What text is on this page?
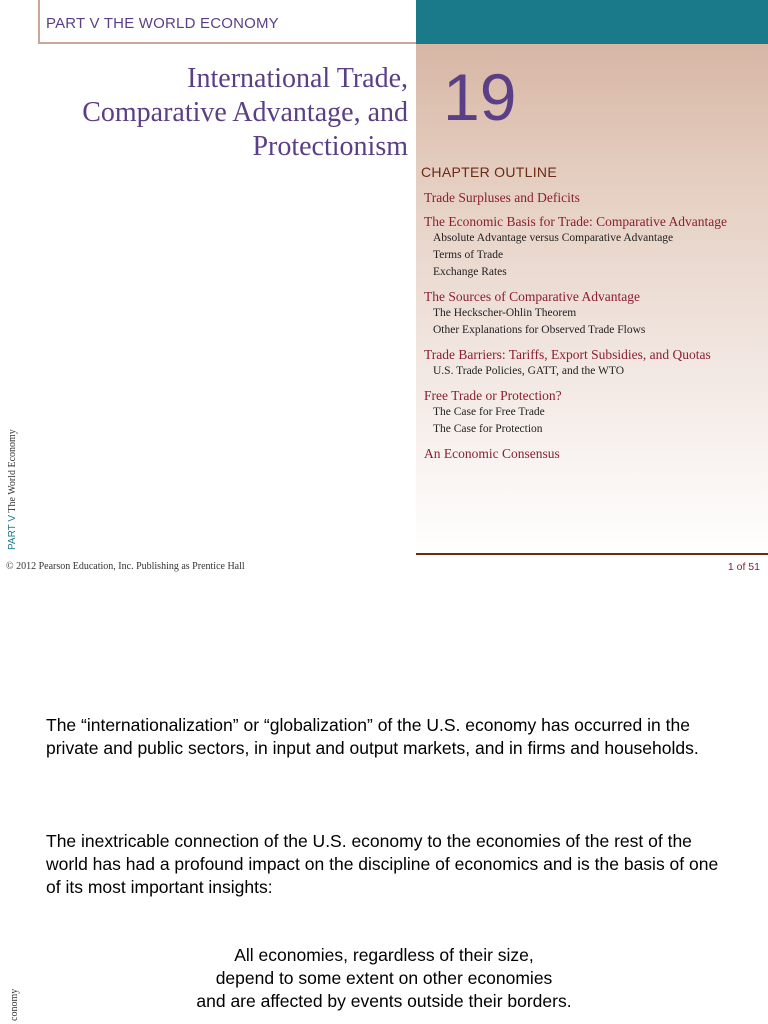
PART V THE WORLD ECONOMY
19
International Trade,
Comparative Advantage, and
Protectionism
CHAPTER OUTLINE
Trade Surpluses and Deficits
The Economic Basis for Trade: Comparative Advantage
Absolute Advantage versus Comparative Advantage
Terms of Trade
Exchange Rates
The Sources of Comparative Advantage
The Heckscher-Ohlin Theorem
Other Explanations for Observed Trade Flows
Trade Barriers: Tariffs, Export Subsidies, and Quotas
U.S. Trade Policies, GATT, and the WTO
Free Trade or Protection?
The Case for Free Trade
The Case for Protection
An Economic Consensus
PART V The World Economy
© 2012 Pearson Education, Inc. Publishing as Prentice Hall	1 of 51
The “internationalization” or “globalization” of the U.S. economy has occurred in the private and public sectors, in input and output markets, and in firms and households.
The inextricable connection of the U.S. economy to the economies of the rest of the world has had a profound impact on the discipline of economics and is the basis of one of its most important insights:
All economies, regardless of their size,
depend to some extent on other economies
and are affected by events outside their borders.
conomy
